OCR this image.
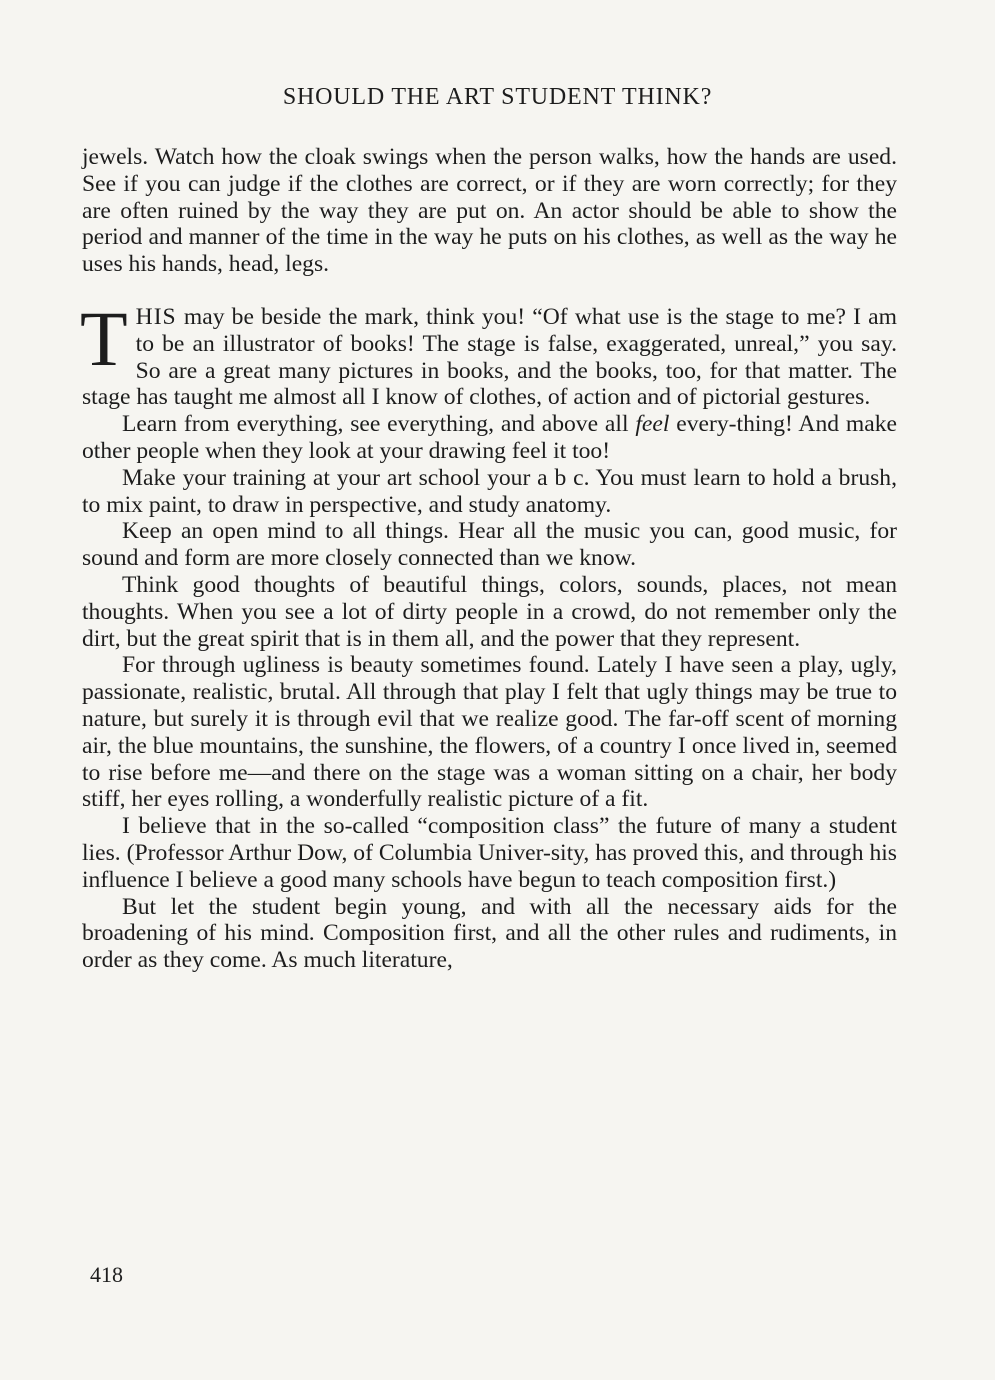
SHOULD THE ART STUDENT THINK?

jewels. Watch how the cloak swings when the person walks, how the hands are used. See if you can judge if the clothes are correct, or if they are worn correctly; for they are often ruined by the way they are put on. An actor should be able to show the period and manner of the time in the way he puts on his clothes, as well as the way he uses his hands, head, legs.

THIS may be beside the mark, think you! “Of what use is the stage to me? I am to be an illustrator of books! The stage is false, exaggerated, unreal,” you say. So are a great many pictures in books, and the books, too, for that matter. The stage has taught me almost all I know of clothes, of action and of pictorial gestures.

Learn from everything, see everything, and above all feel every-thing! And make other people when they look at your drawing feel it too!

Make your training at your art school your a b c. You must learn to hold a brush, to mix paint, to draw in perspective, and study anatomy.

Keep an open mind to all things. Hear all the music you can, good music, for sound and form are more closely connected than we know.

Think good thoughts of beautiful things, colors, sounds, places, not mean thoughts. When you see a lot of dirty people in a crowd, do not remember only the dirt, but the great spirit that is in them all, and the power that they represent.

For through ugliness is beauty sometimes found. Lately I have seen a play, ugly, passionate, realistic, brutal. All through that play I felt that ugly things may be true to nature, but surely it is through evil that we realize good. The far-off scent of morning air, the blue mountains, the sunshine, the flowers, of a country I once lived in, seemed to rise before me—and there on the stage was a woman sitting on a chair, her body stiff, her eyes rolling, a wonderfully realistic picture of a fit.

I believe that in the so-called “composition class” the future of many a student lies. (Professor Arthur Dow, of Columbia Univer-sity, has proved this, and through his influence I believe a good many schools have begun to teach composition first.)

But let the student begin young, and with all the necessary aids for the broadening of his mind. Composition first, and all the other rules and rudiments, in order as they come. As much literature,

418
